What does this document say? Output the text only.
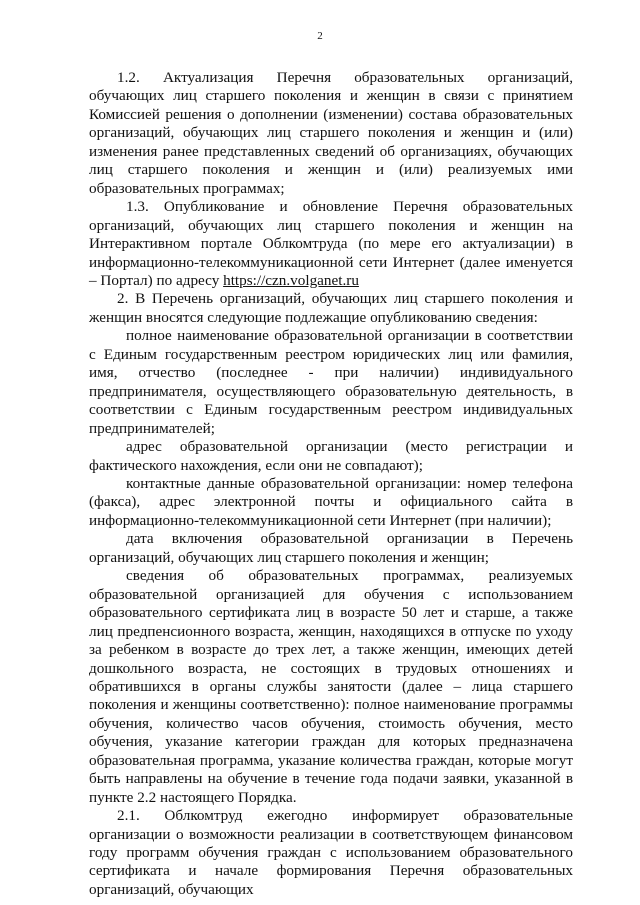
2

1.2. Актуализация Перечня образовательных организаций, обучающих лиц старшего поколения и женщин в связи с принятием Комиссией решения о дополнении (изменении) состава образовательных организаций, обучающих лиц старшего поколения и женщин и (или) изменения ранее представленных сведений об организациях, обучающих лиц старшего поколения и женщин и (или) реализуемых ими образовательных программах;

1.3. Опубликование и обновление Перечня образовательных организаций, обучающих лиц старшего поколения и женщин на Интерактивном портале Облкомтруда (по мере его актуализации) в информационно-телекоммуникационной сети Интернет (далее именуется – Портал) по адресу https://czn.volganet.ru

2. В Перечень организаций, обучающих лиц старшего поколения и женщин вносятся следующие подлежащие опубликованию сведения:

полное наименование образовательной организации в соответствии с Единым государственным реестром юридических лиц или фамилия, имя, отчество (последнее - при наличии) индивидуального предпринимателя, осуществляющего образовательную деятельность, в соответствии с Единым государственным реестром индивидуальных предпринимателей;

адрес образовательной организации (место регистрации и фактического нахождения, если они не совпадают);

контактные данные образовательной организации: номер телефона (факса), адрес электронной почты и официального сайта в информационно-телекоммуникационной сети Интернет (при наличии);

дата включения образовательной организации в Перечень организаций, обучающих лиц старшего поколения и женщин;

сведения об образовательных программах, реализуемых образовательной организацией для обучения с использованием образовательного сертификата лиц в возрасте 50 лет и старше, а также лиц предпенсионного возраста, женщин, находящихся в отпуске по уходу за ребенком в возрасте до трех лет, а также женщин, имеющих детей дошкольного возраста, не состоящих в трудовых отношениях и обратившихся в органы службы занятости (далее – лица старшего поколения и женщины соответственно): полное наименование программы обучения, количество часов обучения, стоимость обучения, место обучения, указание категории граждан для которых предназначена образовательная программа, указание количества граждан, которые могут быть направлены на обучение в течение года подачи заявки, указанной в пункте 2.2 настоящего Порядка.

2.1. Облкомтруд ежегодно информирует образовательные организации о возможности реализации в соответствующем финансовом году программ обучения граждан с использованием образовательного сертификата и начале формирования Перечня образовательных организаций, обучающих
